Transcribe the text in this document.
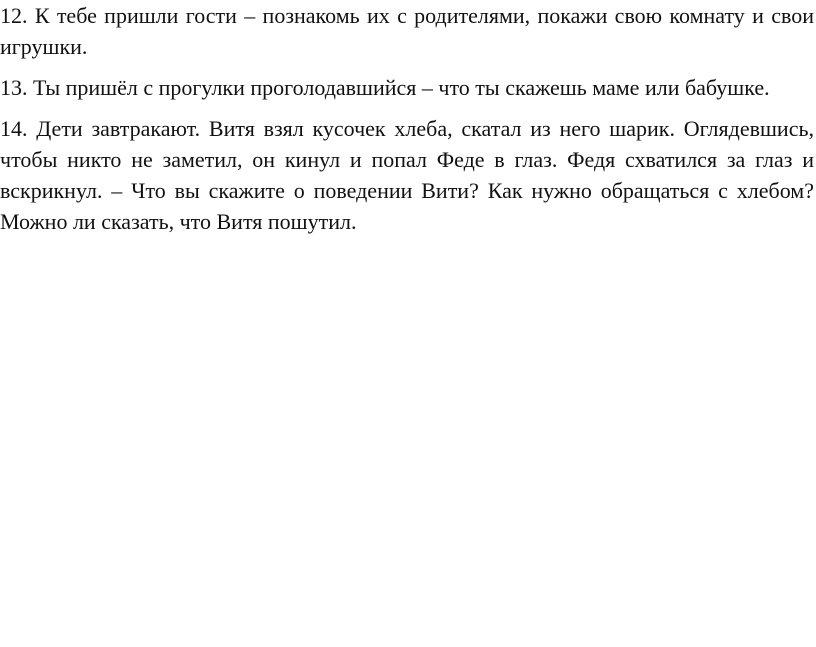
12. К тебе пришли гости – познакомь их с родителями, покажи свою комнату и свои игрушки.

13. Ты пришёл с прогулки проголодавшийся – что ты скажешь маме или бабушке.

14. Дети завтракают. Витя взял кусочек хлеба, скатал из него шарик. Оглядевшись, чтобы никто не заметил, он кинул и попал Феде в глаз. Федя схватился за глаз и вскрикнул. – Что вы скажите о поведении Вити? Как нужно обращаться с хлебом? Можно ли сказать, что Витя пошутил.
